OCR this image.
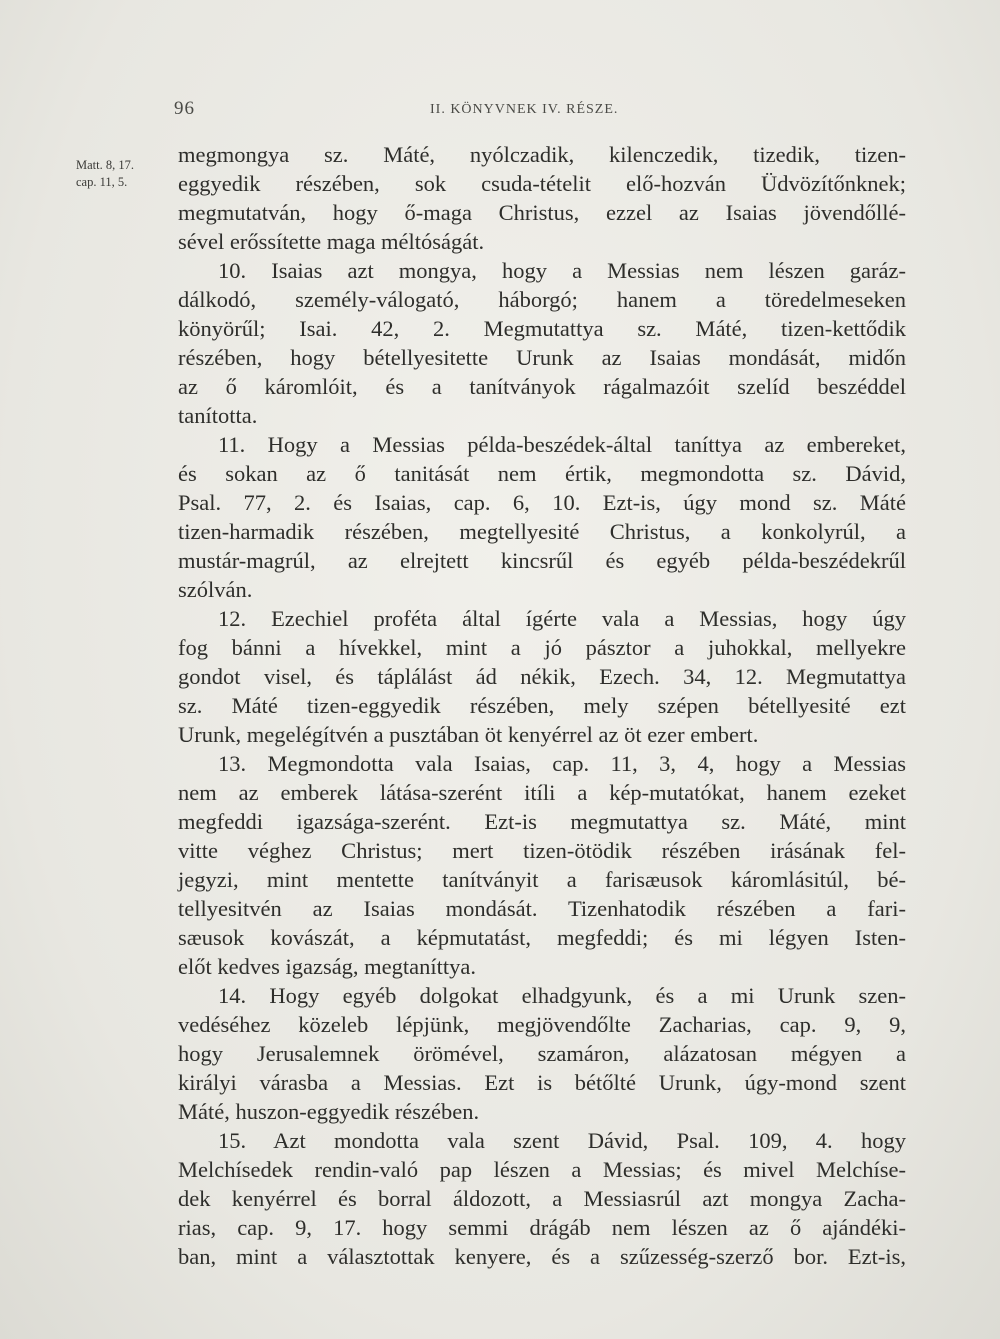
96	II. KÖNYVNEK IV. RÉSZE.
Matt. 8, 17.
cap. 11, 5.
megmongya sz. Máté, nyólczadik, kilenczedik, tizedik, tizen-
eggyedik részében, sok csuda-tételit elő-hozván Üdvözítőnknek;
megmutatván, hogy ő-maga Christus, ezzel az Isaias jövendőllé-
sével erőssítette maga méltóságát.
10. Isaias azt mongya, hogy a Messias nem lészen garáz-
dálkodó, személy-válogató, háborgó; hanem a töredelmeseken
könyörűl; Isai. 42, 2. Megmutattya sz. Máté, tizen-kettődik
részében, hogy bétellyesitette Urunk az Isaias mondását, midőn
az ő káromlóit, és a tanítványok rágalmazóit szelíd beszéddel
tanította.
11. Hogy a Messias példa-beszédek-által taníttya az embereket,
és sokan az ő tanitását nem értik, megmondotta sz. Dávid,
Psal. 77, 2. és Isaias, cap. 6, 10. Ezt-is, úgy mond sz. Máté
tizen-harmadik részében, megtellyesité Christus, a konkolyrúl, a
mustár-magrúl, az elrejtett kincsrűl és egyéb példa-beszédekrűl
szólván.
12. Ezechiel proféta által ígérte vala a Messias, hogy úgy
fog bánni a hívekkel, mint a jó pásztor a juhokkal, mellyekre
gondot visel, és táplálást ád nékik, Ezech. 34, 12. Megmutattya
sz. Máté tizen-eggyedik részében, mely szépen bétellyesité ezt
Urunk, megelégítvén a pusztában öt kenyérrel az öt ezer embert.
13. Megmondotta vala Isaias, cap. 11, 3, 4, hogy a Messias
nem az emberek látása-szerént itíli a kép-mutatókat, hanem ezeket
megfeddi igazsága-szerént. Ezt-is megmutattya sz. Máté, mint
vitte véghez Christus; mert tizen-ötödik részében irásának fel-
jegyzi, mint mentette tanítványit a farisæusok káromlásitúl, bé-
tellyesitvén az Isaias mondását. Tizenhatodik részében a fari-
sæusok kovászát, a képmutatást, megfeddi; és mi légyen Isten-
előt kedves igazság, megtaníttya.
14. Hogy egyéb dolgokat elhadgyunk, és a mi Urunk szen-
vedéséhez közeleb lépjünk, megjövendőlte Zacharias, cap. 9, 9,
hogy Jerusalemnek örömével, szamáron, alázatosan mégyen a
királyi várasba a Messias. Ezt is bétőlté Urunk, úgy-mond szent
Máté, huszon-eggyedik részében.
15. Azt mondotta vala szent Dávid, Psal. 109, 4. hogy
Melchísedek rendin-való pap lészen a Messias; és mivel Melchíse-
dek kenyérrel és borral áldozott, a Messiasrúl azt mongya Zacha-
rias, cap. 9, 17. hogy semmi drágáb nem lészen az ő ajándéki-
ban, mint a választottak kenyere, és a szűzesség-szerző bor. Ezt-is,
